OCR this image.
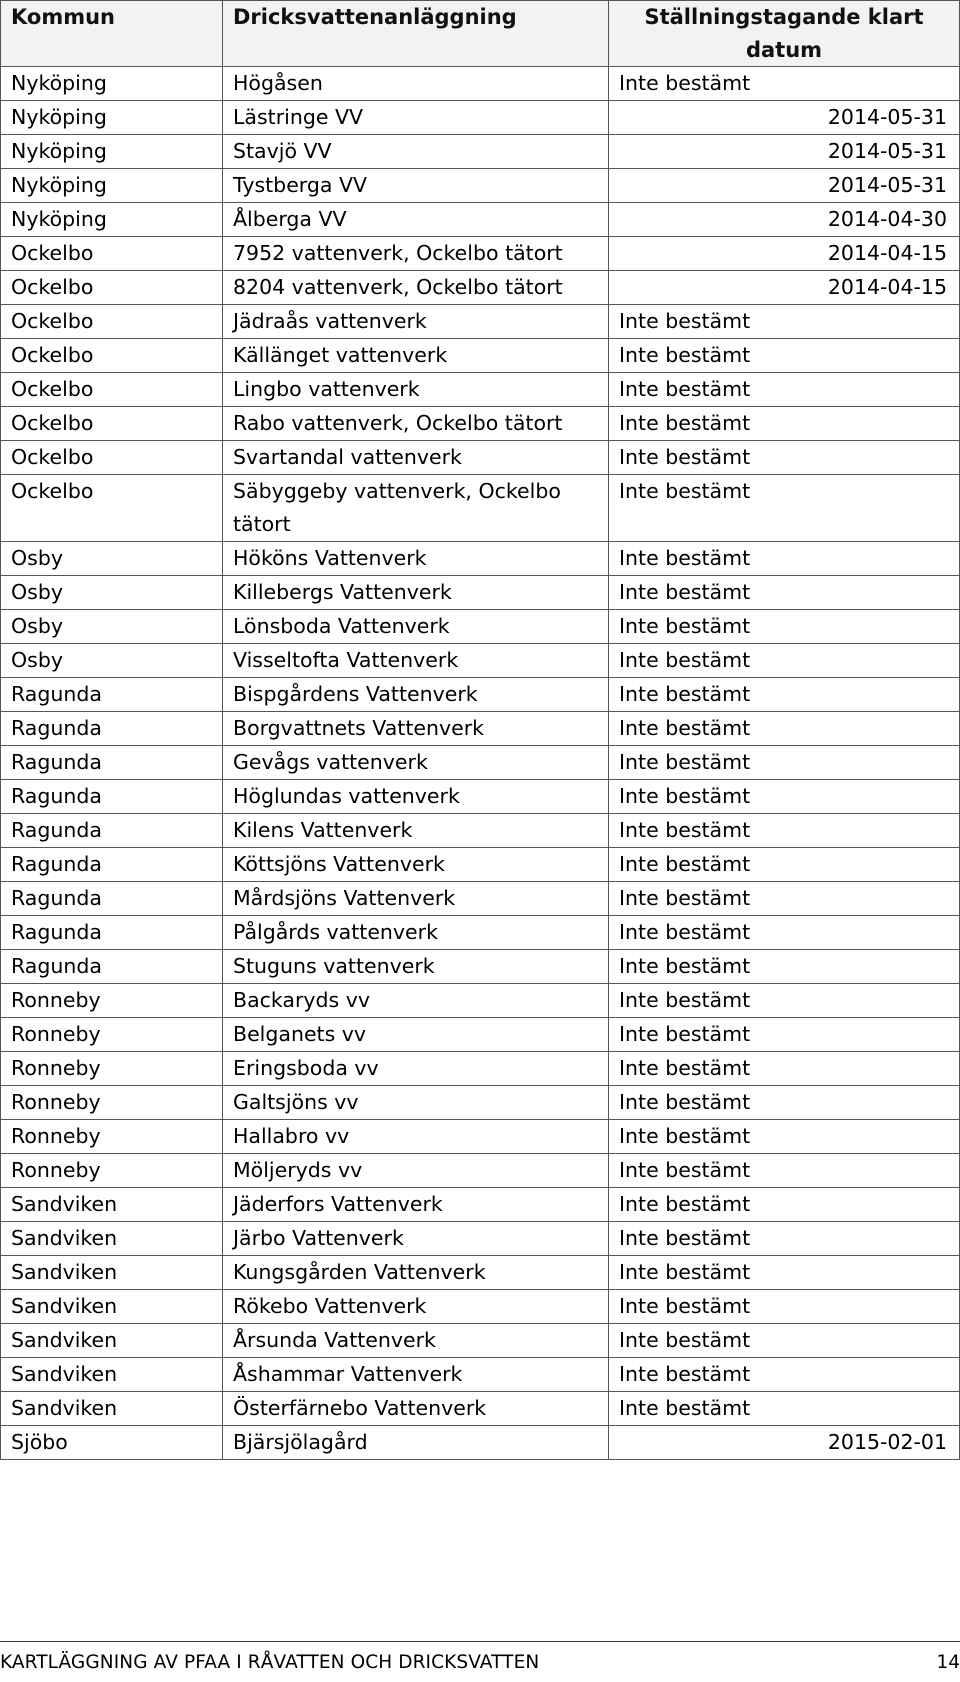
Kommun	Dricksvattenanläggning	Ställningstagande klart datum
Nyköping	Högåsen	Inte bestämt
Nyköping	Lästringe VV	2014-05-31
Nyköping	Stavjö VV	2014-05-31
Nyköping	Tystberga VV	2014-05-31
Nyköping	Ålberga VV	2014-04-30
Ockelbo	7952 vattenverk, Ockelbo tätort	2014-04-15
Ockelbo	8204 vattenverk, Ockelbo tätort	2014-04-15
Ockelbo	Jädraås vattenverk	Inte bestämt
Ockelbo	Källänget vattenverk	Inte bestämt
Ockelbo	Lingbo vattenverk	Inte bestämt
Ockelbo	Rabo vattenverk, Ockelbo tätort	Inte bestämt
Ockelbo	Svartandal vattenverk	Inte bestämt
Ockelbo	Säbyggeby vattenverk, Ockelbo tätort	Inte bestämt
Osby	Hököns Vattenverk	Inte bestämt
Osby	Killebergs Vattenverk	Inte bestämt
Osby	Lönsboda Vattenverk	Inte bestämt
Osby	Visseltofta Vattenverk	Inte bestämt
Ragunda	Bispgårdens Vattenverk	Inte bestämt
Ragunda	Borgvattnets Vattenverk	Inte bestämt
Ragunda	Gevågs vattenverk	Inte bestämt
Ragunda	Höglundas vattenverk	Inte bestämt
Ragunda	Kilens Vattenverk	Inte bestämt
Ragunda	Köttsjöns Vattenverk	Inte bestämt
Ragunda	Mårdsjöns Vattenverk	Inte bestämt
Ragunda	Pålgårds vattenverk	Inte bestämt
Ragunda	Stuguns vattenverk	Inte bestämt
Ronneby	Backaryds vv	Inte bestämt
Ronneby	Belganets vv	Inte bestämt
Ronneby	Eringsboda vv	Inte bestämt
Ronneby	Galtsjöns vv	Inte bestämt
Ronneby	Hallabro vv	Inte bestämt
Ronneby	Möljeryds vv	Inte bestämt
Sandviken	Jäderfors Vattenverk	Inte bestämt
Sandviken	Järbo Vattenverk	Inte bestämt
Sandviken	Kungsgården Vattenverk	Inte bestämt
Sandviken	Rökebo Vattenverk	Inte bestämt
Sandviken	Årsunda Vattenverk	Inte bestämt
Sandviken	Åshammar Vattenverk	Inte bestämt
Sandviken	Österfärnebo Vattenverk	Inte bestämt
Sjöbo	Bjärsjölagård	2015-02-01
KARTLÄGGNING AV PFAA I RÅVATTEN OCH DRICKSVATTEN	14
